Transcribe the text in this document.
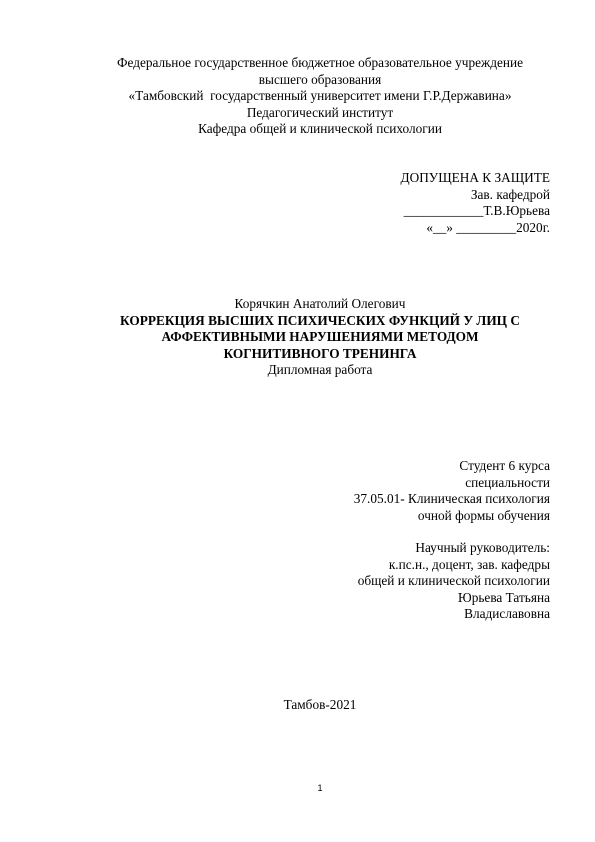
Федеральное государственное бюджетное образовательное учреждение
высшего образования
«Тамбовский  государственный университет имени Г.Р.Державина»
Педагогический институт
Кафедра общей и клинической психологии
ДОПУЩЕНА К ЗАЩИТЕ
Зав. кафедрой
____________Т.В.Юрьева
«__» _________2020г.
Корячкин Анатолий Олегович
КОРРЕКЦИЯ ВЫСШИХ ПСИХИЧЕСКИХ ФУНКЦИЙ У ЛИЦ С
АФФЕКТИВНЫМИ НАРУШЕНИЯМИ МЕТОДОМ
КОГНИТИВНОГО ТРЕНИНГА
Дипломная работа
Студент 6 курса
специальности
37.05.01- Клиническая психология
очной формы обучения
Научный руководитель:
к.пс.н., доцент, зав. кафедры
общей и клинической психологии
Юрьева Татьяна
Владиславовна
Тамбов-2021
1
